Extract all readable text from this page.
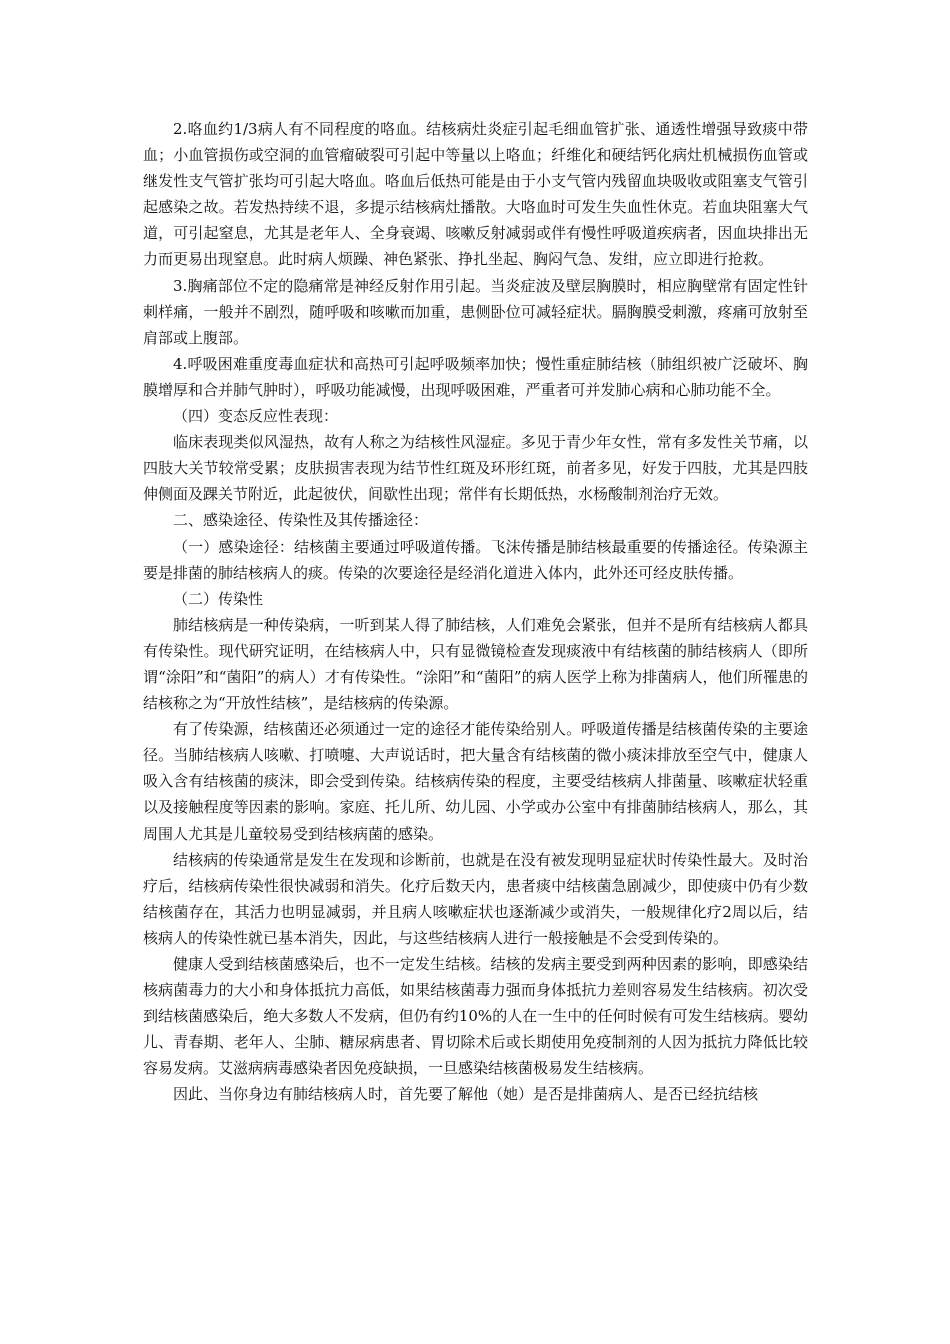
2.咯血约1/3病人有不同程度的咯血。结核病灶炎症引起毛细血管扩张、通透性增强导致痰中带血；小血管损伤或空洞的血管瘤破裂可引起中等量以上咯血；纤维化和硬结钙化病灶机械损伤血管或继发性支气管扩张均可引起大咯血。咯血后低热可能是由于小支气管内残留血块吸收或阻塞支气管引起感染之故。若发热持续不退，多提示结核病灶播散。大咯血时可发生失血性休克。若血块阻塞大气道，可引起窒息，尤其是老年人、全身衰竭、咳嗽反射减弱或伴有慢性呼吸道疾病者，因血块排出无力而更易出现窒息。此时病人烦躁、神色紧张、挣扎坐起、胸闷气急、发绀，应立即进行抢救。

3.胸痛部位不定的隐痛常是神经反射作用引起。当炎症波及壁层胸膜时，相应胸壁常有固定性针刺样痛，一般并不剧烈，随呼吸和咳嗽而加重，患侧卧位可减轻症状。膈胸膜受刺激，疼痛可放射至肩部或上腹部。

4.呼吸困难重度毒血症状和高热可引起呼吸频率加快；慢性重症肺结核（肺组织被广泛破坏、胸膜增厚和合并肺气肿时），呼吸功能减慢，出现呼吸困难，严重者可并发肺心病和心肺功能不全。

（四）变态反应性表现：

临床表现类似风湿热，故有人称之为结核性风湿症。多见于青少年女性，常有多发性关节痛，以四肢大关节较常受累；皮肤损害表现为结节性红斑及环形红斑，前者多见，好发于四肢，尤其是四肢伸侧面及踝关节附近，此起彼伏，间歇性出现；常伴有长期低热，水杨酸制剂治疗无效。

二、感染途径、传染性及其传播途径：

（一）感染途径：结核菌主要通过呼吸道传播。飞沫传播是肺结核最重要的传播途径。传染源主要是排菌的肺结核病人的痰。传染的次要途径是经消化道进入体内，此外还可经皮肤传播。

（二）传染性

肺结核病是一种传染病，一听到某人得了肺结核，人们难免会紧张，但并不是所有结核病人都具有传染性。现代研究证明，在结核病人中，只有显微镜检查发现痰液中有结核菌的肺结核病人（即所谓“涂阳”和“菌阳”的病人）才有传染性。“涂阳”和“菌阳”的病人医学上称为排菌病人，他们所罹患的结核称之为“开放性结核”，是结核病的传染源。

有了传染源，结核菌还必须通过一定的途径才能传染给别人。呼吸道传播是结核菌传染的主要途径。当肺结核病人咳嗽、打喷嚏、大声说话时，把大量含有结核菌的微小痰沫排放至空气中，健康人吸入含有结核菌的痰沫，即会受到传染。结核病传染的程度，主要受结核病人排菌量、咳嗽症状轻重以及接触程度等因素的影响。家庭、托儿所、幼儿园、小学或办公室中有排菌肺结核病人，那么，其周围人尤其是儿童较易受到结核病菌的感染。

结核病的传染通常是发生在发现和诊断前，也就是在没有被发现明显症状时传染性最大。及时治疗后，结核病传染性很快减弱和消失。化疗后数天内，患者痰中结核菌急剧减少，即使痰中仍有少数结核菌存在，其活力也明显减弱，并且病人咳嗽症状也逐渐减少或消失，一般规律化疗2周以后，结核病人的传染性就已基本消失，因此，与这些结核病人进行一般接触是不会受到传染的。

健康人受到结核菌感染后，也不一定发生结核。结核的发病主要受到两种因素的影响，即感染结核病菌毒力的大小和身体抵抗力高低，如果结核菌毒力强而身体抵抗力差则容易发生结核病。初次受到结核菌感染后，绝大多数人不发病，但仍有约10%的人在一生中的任何时候有可发生结核病。婴幼儿、青春期、老年人、尘肺、糖尿病患者、胃切除术后或长期使用免疫制剂的人因为抵抗力降低比较容易发病。艾滋病病毒感染者因免疫缺损，一旦感染结核菌极易发生结核病。

因此、当你身边有肺结核病人时，首先要了解他（她）是否是排菌病人、是否已经抗结核
